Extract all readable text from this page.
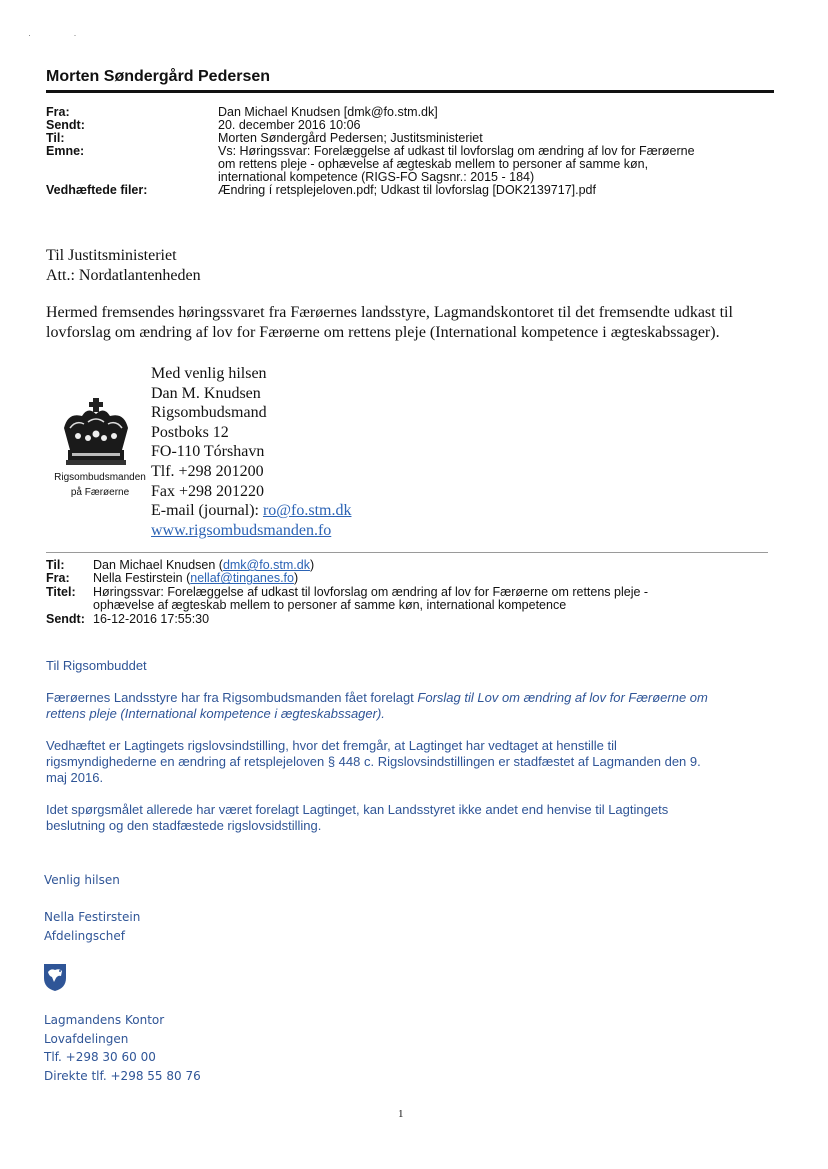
· ·
Morten Søndergård Pedersen
Fra:	Dan Michael Knudsen [dmk@fo.stm.dk]
Sendt:	20. december 2016 10:06
Til:	Morten Søndergård Pedersen; Justitsministeriet
Emne:	Vs: Høringssvar: Forelæggelse af udkast til lovforslag om ændring af lov for Færøerne
om rettens pleje - ophævelse af ægteskab mellem to personer af samme køn,
international kompetence (RIGS-FO Sagsnr.: 2015 - 184)
Vedhæftede filer:	Ændring í retsplejeloven.pdf; Udkast til lovforslag [DOK2139717].pdf

Til Justitsministeriet

Att.: Nordatlantenheden

Hermed fremsendes høringssvaret fra Færøernes landsstyre, Lagmandskontoret til det fremsendte udkast til
lovforslag om ændring af lov for Færøerne om rettens pleje (International kompetence i ægteskabssager).
Rigsombudsmanden
på Færøerne
Med venlig hilsen
Dan M. Knudsen
Rigsombudsmand
Postboks 12
FO-110 Tórshavn
Tlf. +298 201200
Fax +298 201220
E-mail (journal): ro@fo.stm.dk
www.rigsombudsmanden.fo
Til:	Dan Michael Knudsen (dmk@fo.stm.dk)
Fra:	Nella Festirstein (nellaf@tinganes.fo)
Titel:	Høringssvar: Forelæggelse af udkast til lovforslag om ændring af lov for Færøerne om rettens pleje -
ophævelse af ægteskab mellem to personer af samme køn, international kompetence
Sendt: 16-12-2016 17:55:30
Til Rigsombuddet
Færøernes Landsstyre har fra Rigsombudsmanden fået forelagt Forslag til Lov om ændring af lov for Færøerne om
rettens pleje (International kompetence i ægteskabssager).
Vedhæftet er Lagtingets rigslovsindstilling, hvor det fremgår, at Lagtinget har vedtaget at henstille til
rigsmyndighederne en ændring af retsplejeloven § 448 c. Rigslovsindstillingen er stadfæstet af Lagmanden den 9.
maj 2016.
Idet spørgsmålet allerede har været forelagt Lagtinget, kan Landsstyret ikke andet end henvise til Lagtingets
beslutning og den stadfæstede rigslovsidstilling.
Venlig hilsen
Nella Festirstein
Afdelingschef
Lagmandens Kontor
Lovafdelingen
Tlf. +298 30 60 00
Direkte tlf. +298 55 80 76
1
